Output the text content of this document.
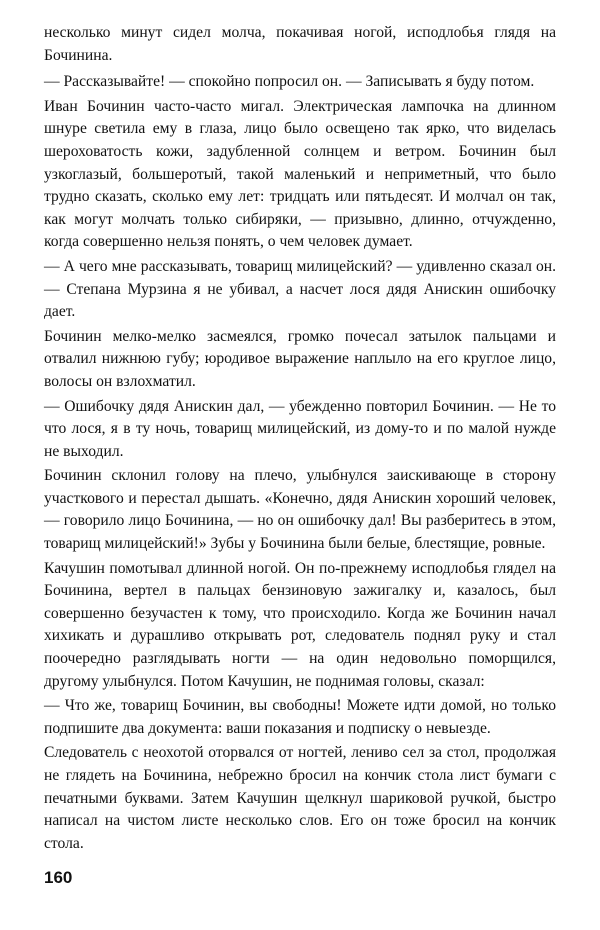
несколько минут сидел молча, покачивая ногой, исподлобья глядя на Бочинина.

— Рассказывайте! — спокойно попросил он. — Записывать я буду потом.

Иван Бочинин часто-часто мигал. Электрическая лампочка на длинном шнуре светила ему в глаза, лицо было освещено так ярко, что виделась шероховатость кожи, задубленной солнцем и ветром. Бочинин был узкоглазый, большеротый, такой маленький и неприметный, что было трудно сказать, сколько ему лет: тридцать или пятьдесят. И молчал он так, как могут молчать только сибиряки, — призывно, длинно, отчужденно, когда совершенно нельзя понять, о чем человек думает.

— А чего мне рассказывать, товарищ милицейский? — удивленно сказал он. — Степана Мурзина я не убивал, а насчет лося дядя Анискин ошибочку дает.

Бочинин мелко-мелко засмеялся, громко почесал затылок пальцами и отвалил нижнюю губу; юродивое выражение наплыло на его круглое лицо, волосы он взлохматил.

— Ошибочку дядя Анискин дал, — убежденно повторил Бочинин. — Не то что лося, я в ту ночь, товарищ милицейский, из дому-то и по малой нужде не выходил.

Бочинин склонил голову на плечо, улыбнулся заискивающе в сторону участкового и перестал дышать. «Конечно, дядя Анискин хороший человек, — говорило лицо Бочинина, — но он ошибочку дал! Вы разберитесь в этом, товарищ милицейский!» Зубы у Бочинина были белые, блестящие, ровные.

Качушин помотывал длинной ногой. Он по-прежнему исподлобья глядел на Бочинина, вертел в пальцах бензиновую зажигалку и, казалось, был совершенно безучастен к тому, что происходило. Когда же Бочинин начал хихикать и дурашливо открывать рот, следователь поднял руку и стал поочередно разглядывать ногти — на один недовольно поморщился, другому улыбнулся. Потом Качушин, не поднимая головы, сказал:

— Что же, товарищ Бочинин, вы свободны! Можете идти домой, но только подпишите два документа: ваши показания и подписку о невыезде.

Следователь с неохотой оторвался от ногтей, лениво сел за стол, продолжая не глядеть на Бочинина, небрежно бросил на кончик стола лист бумаги с печатными буквами. Затем Качушин щелкнул шариковой ручкой, быстро написал на чистом листе несколько слов. Его он тоже бросил на кончик стола.

160
